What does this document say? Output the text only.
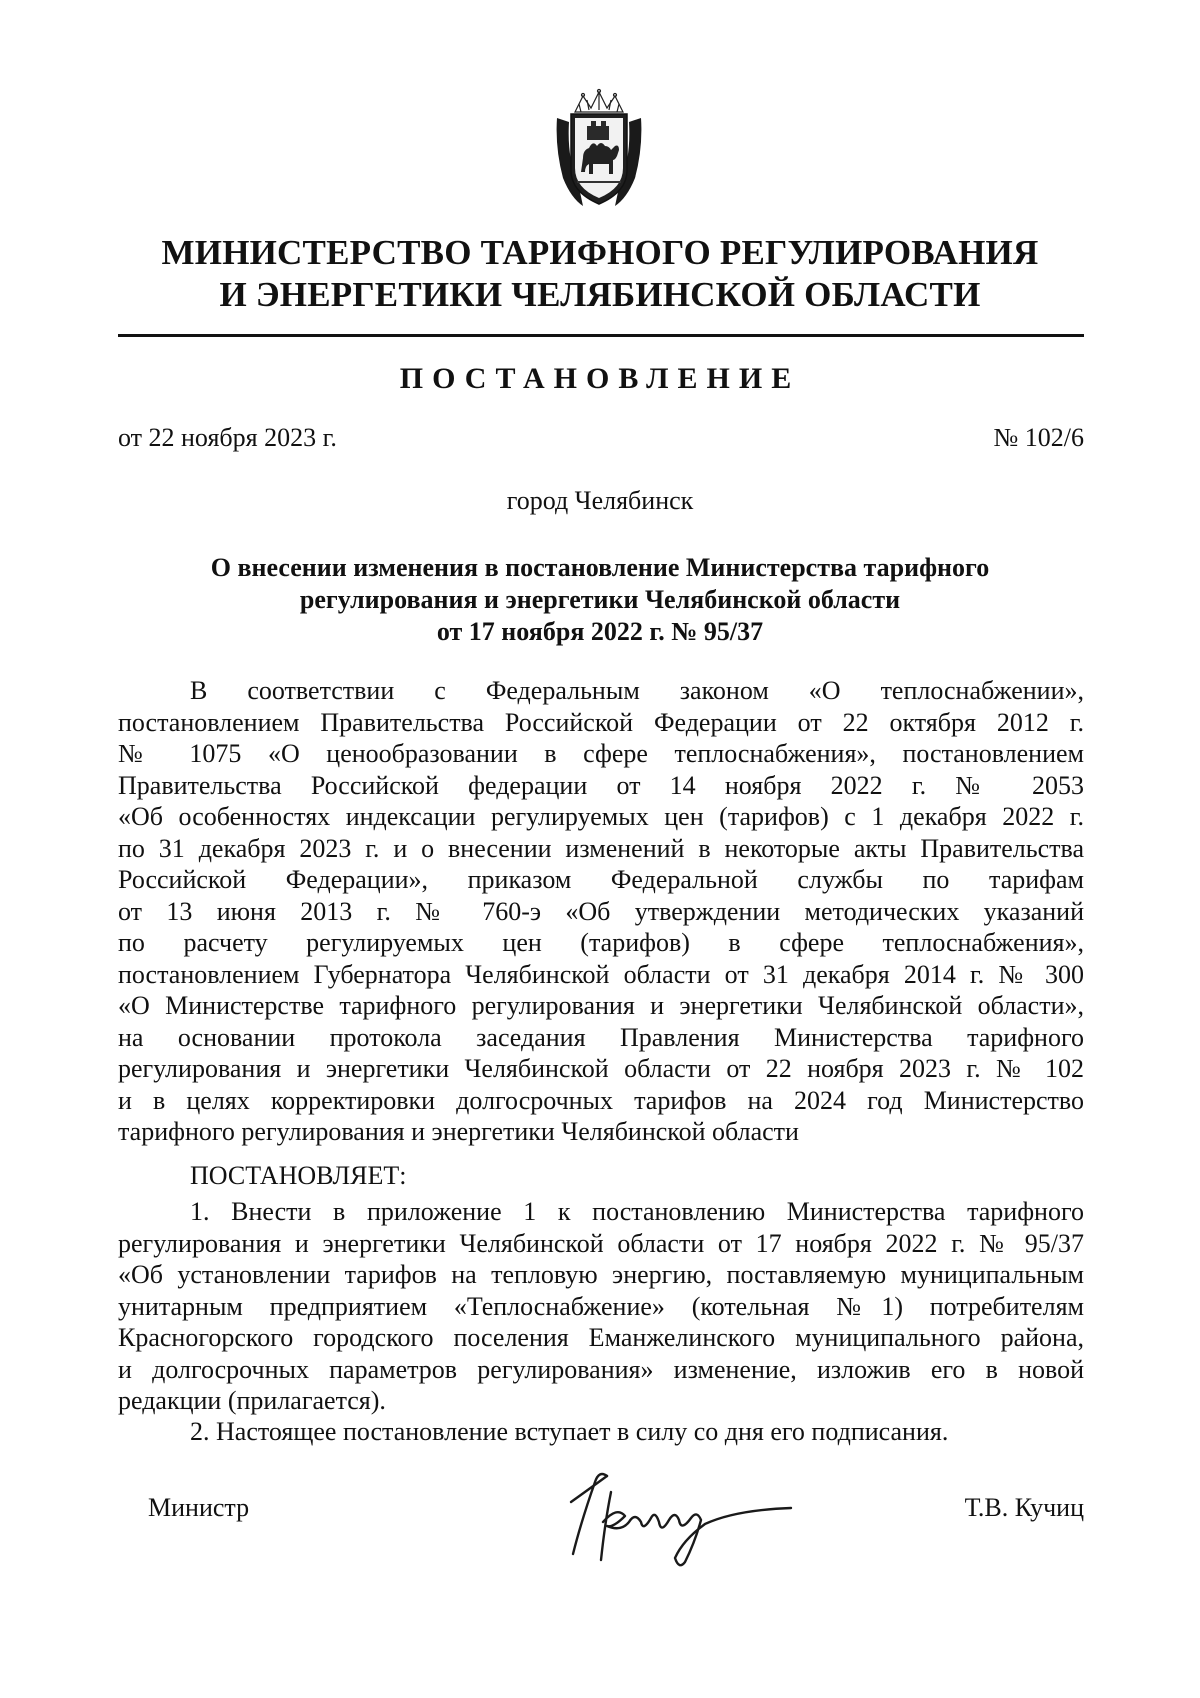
МИНИСТЕРСТВО ТАРИФНОГО РЕГУЛИРОВАНИЯ
И ЭНЕРГЕТИКИ ЧЕЛЯБИНСКОЙ ОБЛАСТИ
ПОСТАНОВЛЕНИЕ
от 22 ноября 2023 г.	№ 102/6
город Челябинск
О внесении изменения в постановление Министерства тарифного
регулирования и энергетики Челябинской области
от 17 ноября 2022 г. № 95/37
В соответствии с Федеральным законом «О теплоснабжении»,
постановлением Правительства Российской Федерации от 22 октября 2012 г.
№ 1075 «О ценообразовании в сфере теплоснабжения», постановлением
Правительства Российской федерации от 14 ноября 2022 г. № 2053
«Об особенностях индексации регулируемых цен (тарифов) с 1 декабря 2022 г.
по 31 декабря 2023 г. и о внесении изменений в некоторые акты Правительства
Российской Федерации», приказом Федеральной службы по тарифам
от 13 июня 2013 г. № 760-э «Об утверждении методических указаний
по расчету регулируемых цен (тарифов) в сфере теплоснабжения»,
постановлением Губернатора Челябинской области от 31 декабря 2014 г. № 300
«О Министерстве тарифного регулирования и энергетики Челябинской области»,
на основании протокола заседания Правления Министерства тарифного
регулирования и энергетики Челябинской области от 22 ноября 2023 г. № 102
и в целях корректировки долгосрочных тарифов на 2024 год Министерство
тарифного регулирования и энергетики Челябинской области
ПОСТАНОВЛЯЕТ:
1. Внести в приложение 1 к постановлению Министерства тарифного
регулирования и энергетики Челябинской области от 17 ноября 2022 г. № 95/37
«Об установлении тарифов на тепловую энергию, поставляемую муниципальным
унитарным предприятием «Теплоснабжение» (котельная №1) потребителям
Красногорского городского поселения Еманжелинского муниципального района,
и долгосрочных параметров регулирования» изменение, изложив его в новой
редакции (прилагается).
2. Настоящее постановление вступает в силу со дня его подписания.
Министр	Т.В. Кучиц
